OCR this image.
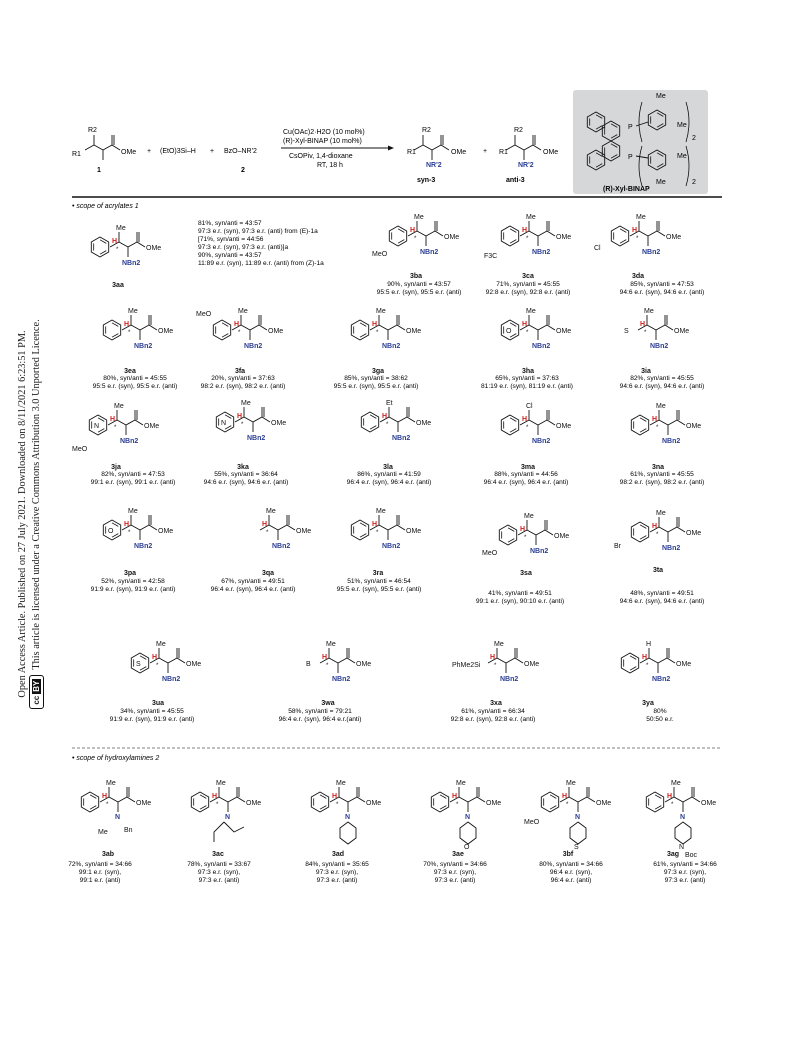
Open Access Article. Published on 27 July 2021. Downloaded on 8/11/2021 6:23:51 PM.
ccBYThis article is licensed under a Creative Commons Attribution 3.0 Unported Licence.
R1
R2
OMe
1
+ (EtO)3Si–H + BzO–NR'2
2
Cu(OAc)2·H2O (10 mol%)
(R)-Xyl-BINAP (10 mol%)
CsOPiv, 1,4-dioxane
RT, 18 h
R1
R2
OMe
NR'2
syn-3
+ R1
R2
OMe
NR'2
anti-3
P
P
Me
Me
Me
Me
2
2
(R)-Xyl-BINAP
• scope of acrylates 1
• scope of hydroxylamines 2
H
*
Me
OMe
NBn2
3aa
H
*
Me
OMe
NBn2
MeO
3ba
H
*
Me
OMe
NBn2
F3C
3ca
H
*
Me
OMe
NBn2
Cl
3da
H
*
Me
OMe
NBn2
3ea
H
*
Me
OMe
NBn2
MeO
3fa
H
*
Me
OMe
NBn2
3ga
H
*
Me
OMe
NBn2
O
3ha
H
*
Me
OMe
NBn2
S
3ia
H
*
Me
OMe
NBn2
MeO
N
3ja
H
*
Me
OMe
NBn2
N
3ka
H
*
Et
OMe
NBn2
3la
H
*
Cl
OMe
NBn2
3ma
H
*
Me
OMe
NBn2
3na
H
*
Me
OMe
NBn2
O
3pa
H
*
Me
OMe
NBn2
3qa
H
*
Me
OMe
NBn2
3ra
H
*
Me
OMe
NBn2
MeO
3sa
H
*
Me
OMe
NBn2
Br
3ta
H
*
Me
OMe
NBn2
S
3ua
H
*
Me
OMe
NBn2
B
3wa
H
*
Me
OMe
NBn2
PhMe2Si
3xa
H
*
H
OMe
NBn2
3ya
H
*
Me
OMe
3ab
N
Me Bn
H
*
Me
OMe
3ac
N
H
*
Me
OMe
3ad
N
H
*
Me
OMe
3ae
N
O
H
*
Me
OMe
MeO
3bf
N
S
H
*
Me
OMe
3ag
N
N
Boc
81%, syn/anti = 43:57
97:3 e.r. (syn), 97:3 e.r. (anti) from (E)-1a
[71%, syn/anti = 44:56
97:3 e.r. (syn), 97:3 e.r. (anti)]a
90%, syn/anti = 43:57
11:89 e.r. (syn), 11:89 e.r. (anti) from (Z)-1a
90%, syn/anti = 43:57
95:5 e.r. (syn), 95:5 e.r. (anti)
71%, syn/anti = 45:55
92:8 e.r. (syn), 92:8 e.r. (anti)
85%, syn/anti = 47:53
94:6 e.r. (syn), 94:6 e.r. (anti)
80%, syn/anti = 45:55
95:5 e.r. (syn), 95:5 e.r. (anti)
20%, syn/anti = 37:63
98:2 e.r. (syn), 98:2 e.r. (anti)
85%, syn/anti = 38:62
95:5 e.r. (syn), 95:5 e.r. (anti)
65%, syn/anti = 37:63
81:19 e.r. (syn), 81:19 e.r. (anti)
82%, syn/anti = 45:55
94:6 e.r. (syn), 94:6 e.r. (anti)
82%, syn/anti = 47:53
99:1 e.r. (syn), 99:1 e.r. (anti)
55%, syn/anti = 36:64
94:6 e.r. (syn), 94:6 e.r. (anti)
86%, syn/anti = 41:59
96:4 e.r. (syn), 96:4 e.r. (anti)
88%, syn/anti = 44:56
96:4 e.r. (syn), 96:4 e.r. (anti)
61%, syn/anti = 45:55
98:2 e.r. (syn), 98:2 e.r. (anti)
52%, syn/anti = 42:58
91:9 e.r. (syn), 91:9 e.r. (anti)
67%, syn/anti = 49:51
96:4 e.r. (syn), 96:4 e.r. (anti)
51%, syn/anti = 46:54
95:5 e.r. (syn), 95:5 e.r. (anti)
41%, syn/anti = 49:51
99:1 e.r. (syn), 90:10 e.r. (anti)
48%, syn/anti = 49:51
94:6 e.r. (syn), 94:6 e.r. (anti)
34%, syn/anti = 45:55
91:9 e.r. (syn), 91:9 e.r. (anti)
58%, syn/anti = 79:21
96:4 e.r. (syn), 96:4 e.r.(anti)
61%, syn/anti = 66:34
92:8 e.r. (syn), 92:8 e.r. (anti)
80%
50:50 e.r.
72%, syn/anti = 34:66
99:1 e.r. (syn),
99:1 e.r. (anti)
78%, syn/anti = 33:67
97:3 e.r. (syn),
97:3 e.r. (anti)
84%, syn/anti = 35:65
97:3 e.r. (syn),
97:3 e.r. (anti)
70%, syn/anti = 34:66
97:3 e.r. (syn),
97:3 e.r. (anti)
80%, syn/anti = 34:66
96:4 e.r. (syn),
96:4 e.r. (anti)
61%, syn/anti = 34:66
97:3 e.r. (syn),
97:3 e.r. (anti)
